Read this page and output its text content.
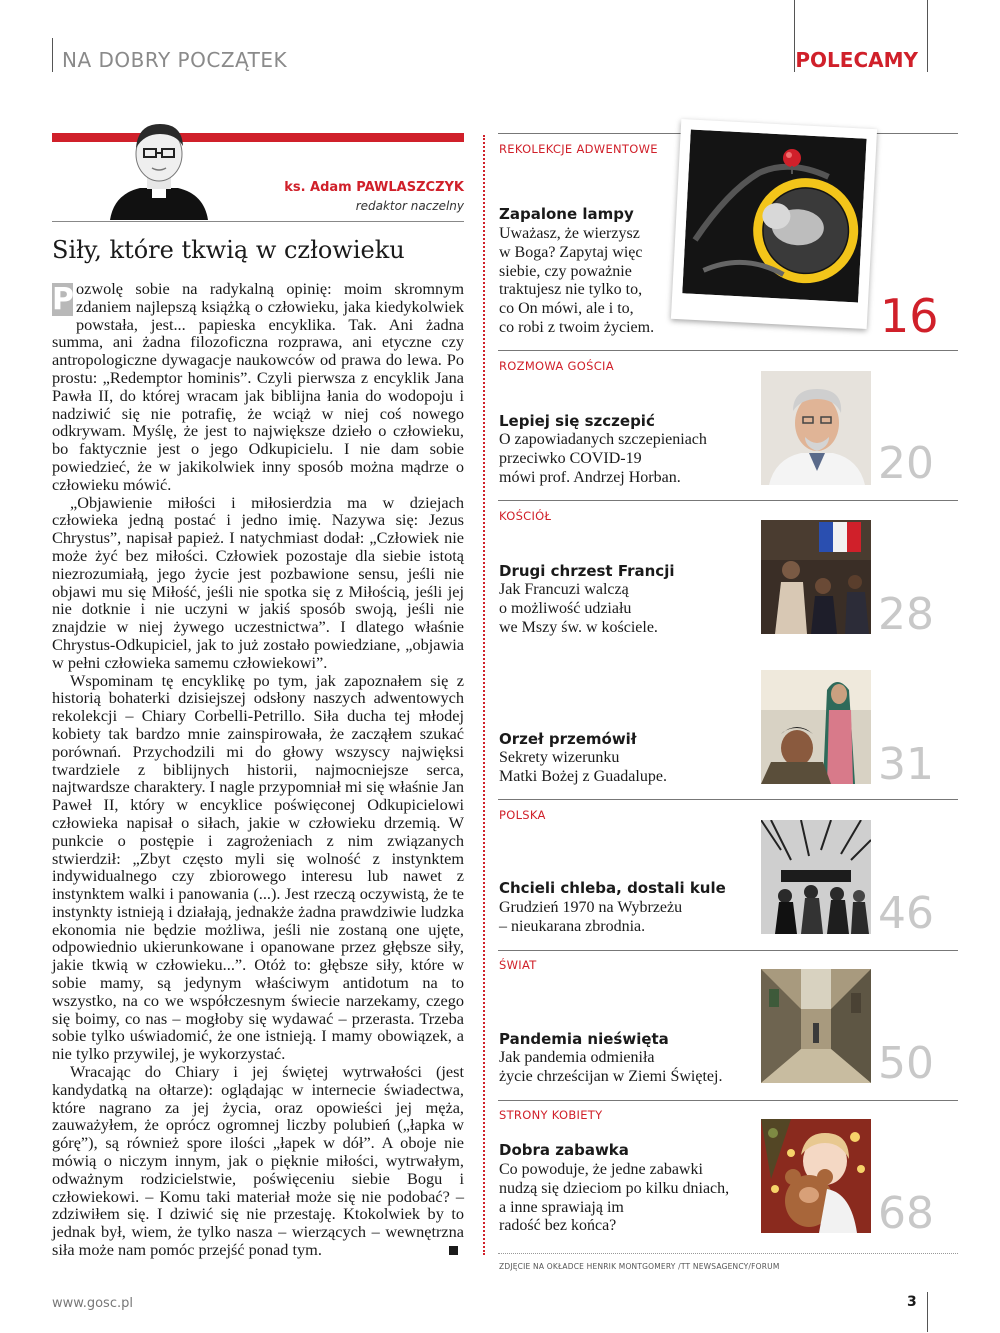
NA DOBRY POCZĄTEK	POLECAMY
ks. Adam PAWLASZCZYK
redaktor naczelny
Siły, które tkwią w człowieku

P ozwolę sobie na radykalną opinię: moim skromnym zdaniem najlepszą książką o człowieku, jaka kiedykolwiek powstała, jest... papieska encyklika. Tak. Ani żadna summa, ani żadna filozoficzna rozprawa, ani etyczne czy antropologiczne dywagacje naukowców od prawa do lewa. Po prostu: „Redemptor hominis”. Czyli pierwsza z encyklik Jana Pawła II, do której wracam jak biblijna łania do wodopoju i nadziwić się nie potrafię, że wciąż w niej coś nowego odkrywam. Myślę, że jest to największe dzieło o człowieku, bo faktycznie jest o jego Odkupicielu. I nie dam sobie powiedzieć, że w jakikolwiek inny sposób można mądrze o człowieku mówić.

„Objawienie miłości i miłosierdzia ma w dziejach człowieka jedną postać i jedno imię. Nazywa się: Jezus Chrystus”, napisał papież. I natychmiast dodał: „Człowiek nie może żyć bez miłości. Człowiek pozostaje dla siebie istotą niezrozumiałą, jego życie jest pozbawione sensu, jeśli nie objawi mu się Miłość, jeśli nie spotka się z Miłością, jeśli jej nie dotknie i nie uczyni w jakiś sposób swoją, jeśli nie znajdzie w niej żywego uczestnictwa”. I dlatego właśnie Chrystus-Odkupiciel, jak to już zostało powiedziane, „objawia w pełni człowieka samemu człowiekowi”.

Wspominam tę encyklikę po tym, jak zapoznałem się z historią bohaterki dzisiejszej odsłony naszych adwentowych rekolekcji – Chiary Corbelli-Petrillo. Siła ducha tej młodej kobiety tak bardzo mnie zainspirowała, że zacząłem szukać porównań. Przychodzili mi do głowy wszyscy najwięksi twardziele z biblijnych historii, najmocniejsze serca, najtwardsze charaktery. I nagle przypomniał mi się właśnie Jan Paweł II, który w encyklice poświęconej Odkupicielowi człowieka napisał o siłach, jakie w człowieku drzemią. W punkcie o postępie i zagrożeniach z nim związanych stwierdził: „Zbyt często myli się wolność z instynktem indywidualnego czy zbiorowego interesu lub nawet z instynktem walki i panowania (...). Jest rzeczą oczywistą, że te instynkty istnieją i działają, jednakże żadna prawdziwie ludzka ekonomia nie będzie możliwa, jeśli nie zostaną one ujęte, odpowiednio ukierunkowane i opanowane przez głębsze siły, jakie tkwią w człowieku...”. Otóż to: głębsze siły, które w sobie mamy, są jedynym właściwym antidotum na to wszystko, na co we współczesnym świecie narzekamy, czego się boimy, co nas – mogłoby się wydawać – przerasta. Trzeba sobie tylko uświadomić, że one istnieją. I mamy obowiązek, a nie tylko przywilej, je wykorzystać.

Wracając do Chiary i jej świętej wytrwałości (jest kandydatką na ołtarze): oglądając w internecie świadectwa, które nagrano za jej życia, oraz opowieści jej męża, zauważyłem, że oprócz ogromnej liczby polubień („łapka w górę”), są również spore ilości „łapek w dół”. A oboje nie mówią o niczym innym, jak o pięknie miłości, wytrwałym, odważnym rodzicielstwie, poświęceniu siebie Bogu i człowiekowi. – Komu taki materiał może się nie podobać? – zdziwiłem się. I dziwić się nie przestaję. Ktokolwiek by to jednak był, wiem, że tylko nasza – wierzących – wewnętrzna siła może nam pomóc przejść ponad tym.

REKOLEKCJE ADWENTOWE
Zapalone lampy
Uważasz, że wierzysz
w Boga? Zapytaj więc
siebie, czy poważnie
traktujesz nie tylko to,
co On mówi, ale i to,
co robi z twoim życiem.	16
ROZMOWA GOŚCIA
Lepiej się szczepić
O zapowiadanych szczepieniach
przeciwko COVID-19
mówi prof. Andrzej Horban.	20
KOŚCIÓŁ
Drugi chrzest Francji
Jak Francuzi walczą
o możliwość udziału
we Mszy św. w kościele.	28
Orzeł przemówił
Sekrety wizerunku
Matki Bożej z Guadalupe.	31
POLSKA
Chcieli chleba, dostali kule
Grudzień 1970 na Wybrzeżu
– nieukarana zbrodnia.	46
ŚWIAT
Pandemia nieświęta
Jak pandemia odmieniła
życie chrześcijan w Ziemi Świętej.	50
STRONY KOBIETY
Dobra zabawka
Co powoduje, że jedne zabawki
nudzą się dzieciom po kilku dniach,
a inne sprawiają im
radość bez końca?	68
ZDJĘCIE NA OKŁADCE HENRIK MONTGOMERY /TT NEWSAGENCY/FORUM
www.gosc.pl	3
